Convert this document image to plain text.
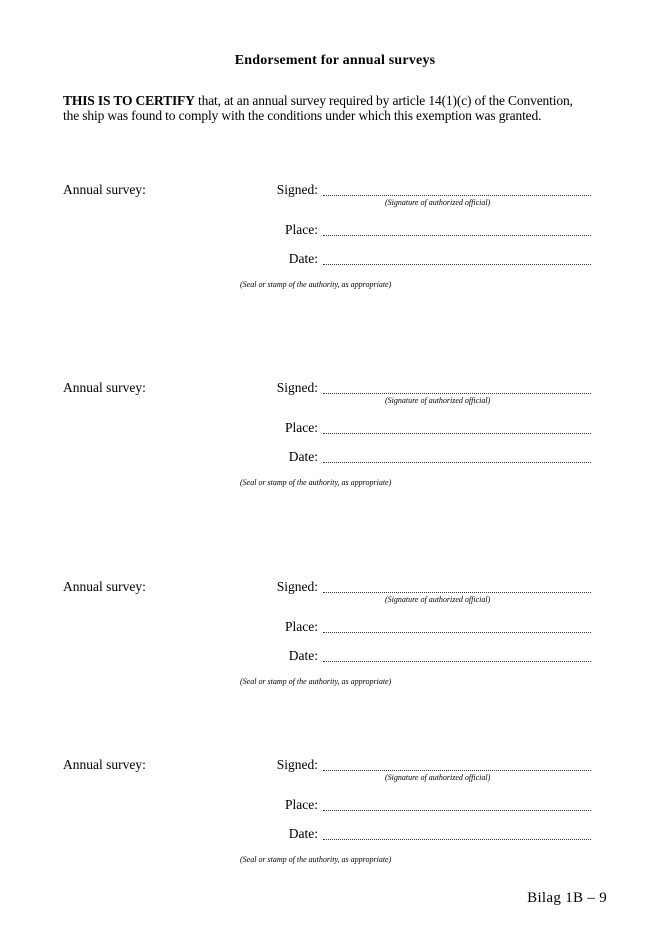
Endorsement for annual surveys
THIS IS TO CERTIFY that, at an annual survey required by article 14(1)(c) of the Convention,
the ship was found to comply with the conditions under which this exemption was granted.
Annual survey:	Signed:
(Signature of authorized official)
Place:
Date:
(Seal or stamp of the authority, as appropriate)
Annual survey:	Signed:
(Signature of authorized official)
Place:
Date:
(Seal or stamp of the authority, as appropriate)
Annual survey:	Signed:
(Signature of authorized official)
Place:
Date:
(Seal or stamp of the authority, as appropriate)
Annual survey:	Signed:
(Signature of authorized official)
Place:
Date:
(Seal or stamp of the authority, as appropriate)
Bilag 1B – 9
